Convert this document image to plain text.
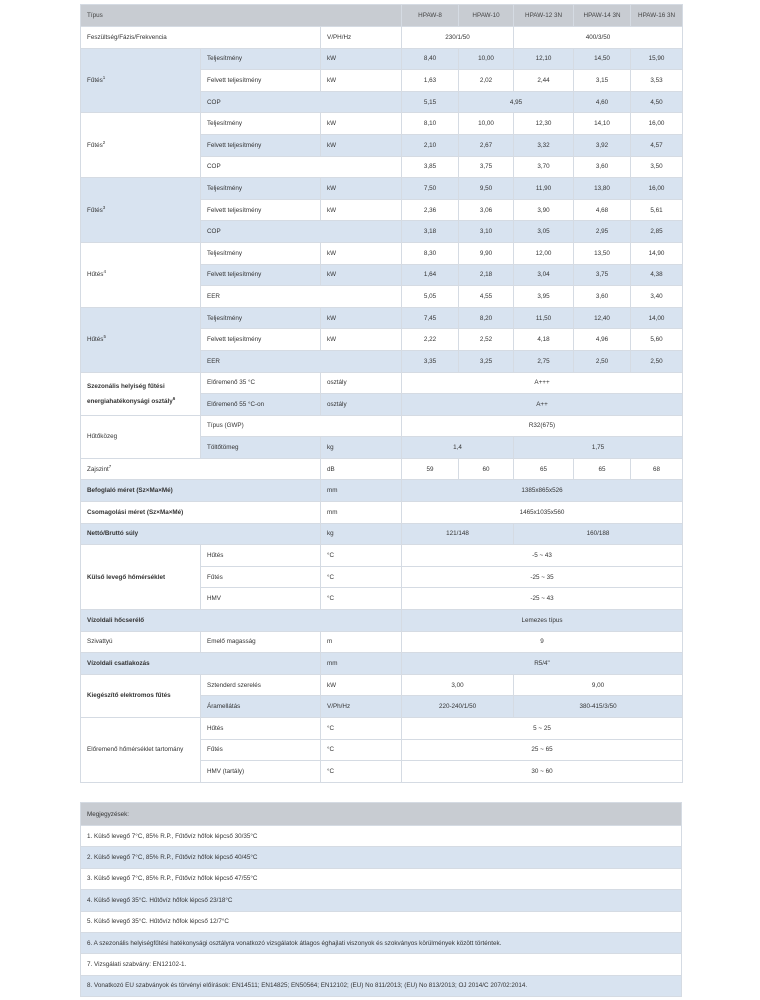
Típus			HPAW-8	HPAW-10	HPAW-12 3N	HPAW-14 3N	HPAW-16 3N
Feszültség/Fázis/Frekvencia		V/PH/Hz	230/1/50		400/3/50		
Fűtés$^1$	Teljesítmény	kW	8,40	10,00	12,10	14,50	15,90
	Felvett teljesítmény	kW	1,63	2,02	2,44	3,15	3,53
	COP		5,15	4,95		4,60	4,50
Fűtés$^2$	Teljesítmény	kW	8,10	10,00	12,30	14,10	16,00
	Felvett teljesítmény	kW	2,10	2,67	3,32	3,92	4,57
	COP		3,85	3,75	3,70	3,60	3,50
Fűtés$^3$	Teljesítmény	kW	7,50	9,50	11,90	13,80	16,00
	Felvett teljesítmény	kW	2,36	3,06	3,90	4,68	5,61
	COP		3,18	3,10	3,05	2,95	2,85
Hűtés$^4$	Teljesítmény	kW	8,30	9,90	12,00	13,50	14,90
	Felvett teljesítmény	kW	1,64	2,18	3,04	3,75	4,38
	EER		5,05	4,55	3,95	3,60	3,40
Hűtés$^5$	Teljesítmény	kW	7,45	8,20	11,50	12,40	14,00
	Felvett teljesítmény	kW	2,22	2,52	4,18	4,96	5,60
	EER		3,35	3,25	2,75	2,50	2,50
Szezonális helyiség fűtési
energiahatékonysági osztály$^6$	Előremenő 35 °C	osztály	A+++				
	Előremenő 55 °C-on	osztály	A++				
Hűtőközeg	Típus (GWP)		R32(675)				
	Töltőtömeg	kg	1,4		1,75		
Zajszint$^7$		dB	59	60	65	65	68
Befoglaló méret (Sz×Ma×Mé)		mm	1385x865x526				
Csomagolási méret (Sz×Ma×Mé)		mm	1465x1035x560				
Nettó/Bruttó súly		kg	121/148		160/188		
Külső levegő hőmérséklet	Hűtés	°C	-5 ~ 43				
	Fűtés	°C	-25 ~ 35				
	HMV	°C	-25 ~ 43				
Vízoldali hőcserélő			Lemezes típus				
Szivattyú	Emelő magasság	m	9				
Vízoldali csatlakozás		mm	R5/4"				
Kiegészítő elektromos fűtés	Sztenderd szerelés	kW	3,00		9,00		
	Áramellátás	V/Ph/Hz	220-240/1/50		380-415/3/50		
Előremenő hőmérséklet tartomány	Hűtés	°C	5 ~ 25				
	Fűtés	°C	25 ~ 65				
	HMV (tartály)	°C	30 ~ 60				
Megjegyzések:
1. Külső levegő 7°C, 85% R.P., Fűtővíz hőfok lépcső 30/35°C
2. Külső levegő 7°C, 85% R.P., Fűtővíz hőfok lépcső 40/45°C
3. Külső levegő 7°C, 85% R.P., Fűtővíz hőfok lépcső 47/55°C
4. Külső levegő 35°C. Hűtővíz hőfok lépcső 23/18°C
5. Külső levegő 35°C. Hűtővíz hőfok lépcső 12/7°C
6. A szezonális helyiségfűtési hatékonysági osztályra vonatkozó vizsgálatok átlagos éghajlati viszonyok és szokványos körülmények között történtek.
7. Vizsgálati szabvány: EN12102-1.
8. Vonatkozó EU szabványok és törvényi előírások: EN14511; EN14825; EN50564; EN12102; (EU) No 811/2013; (EU) No 813/2013; OJ 2014/C 207/02:2014.
